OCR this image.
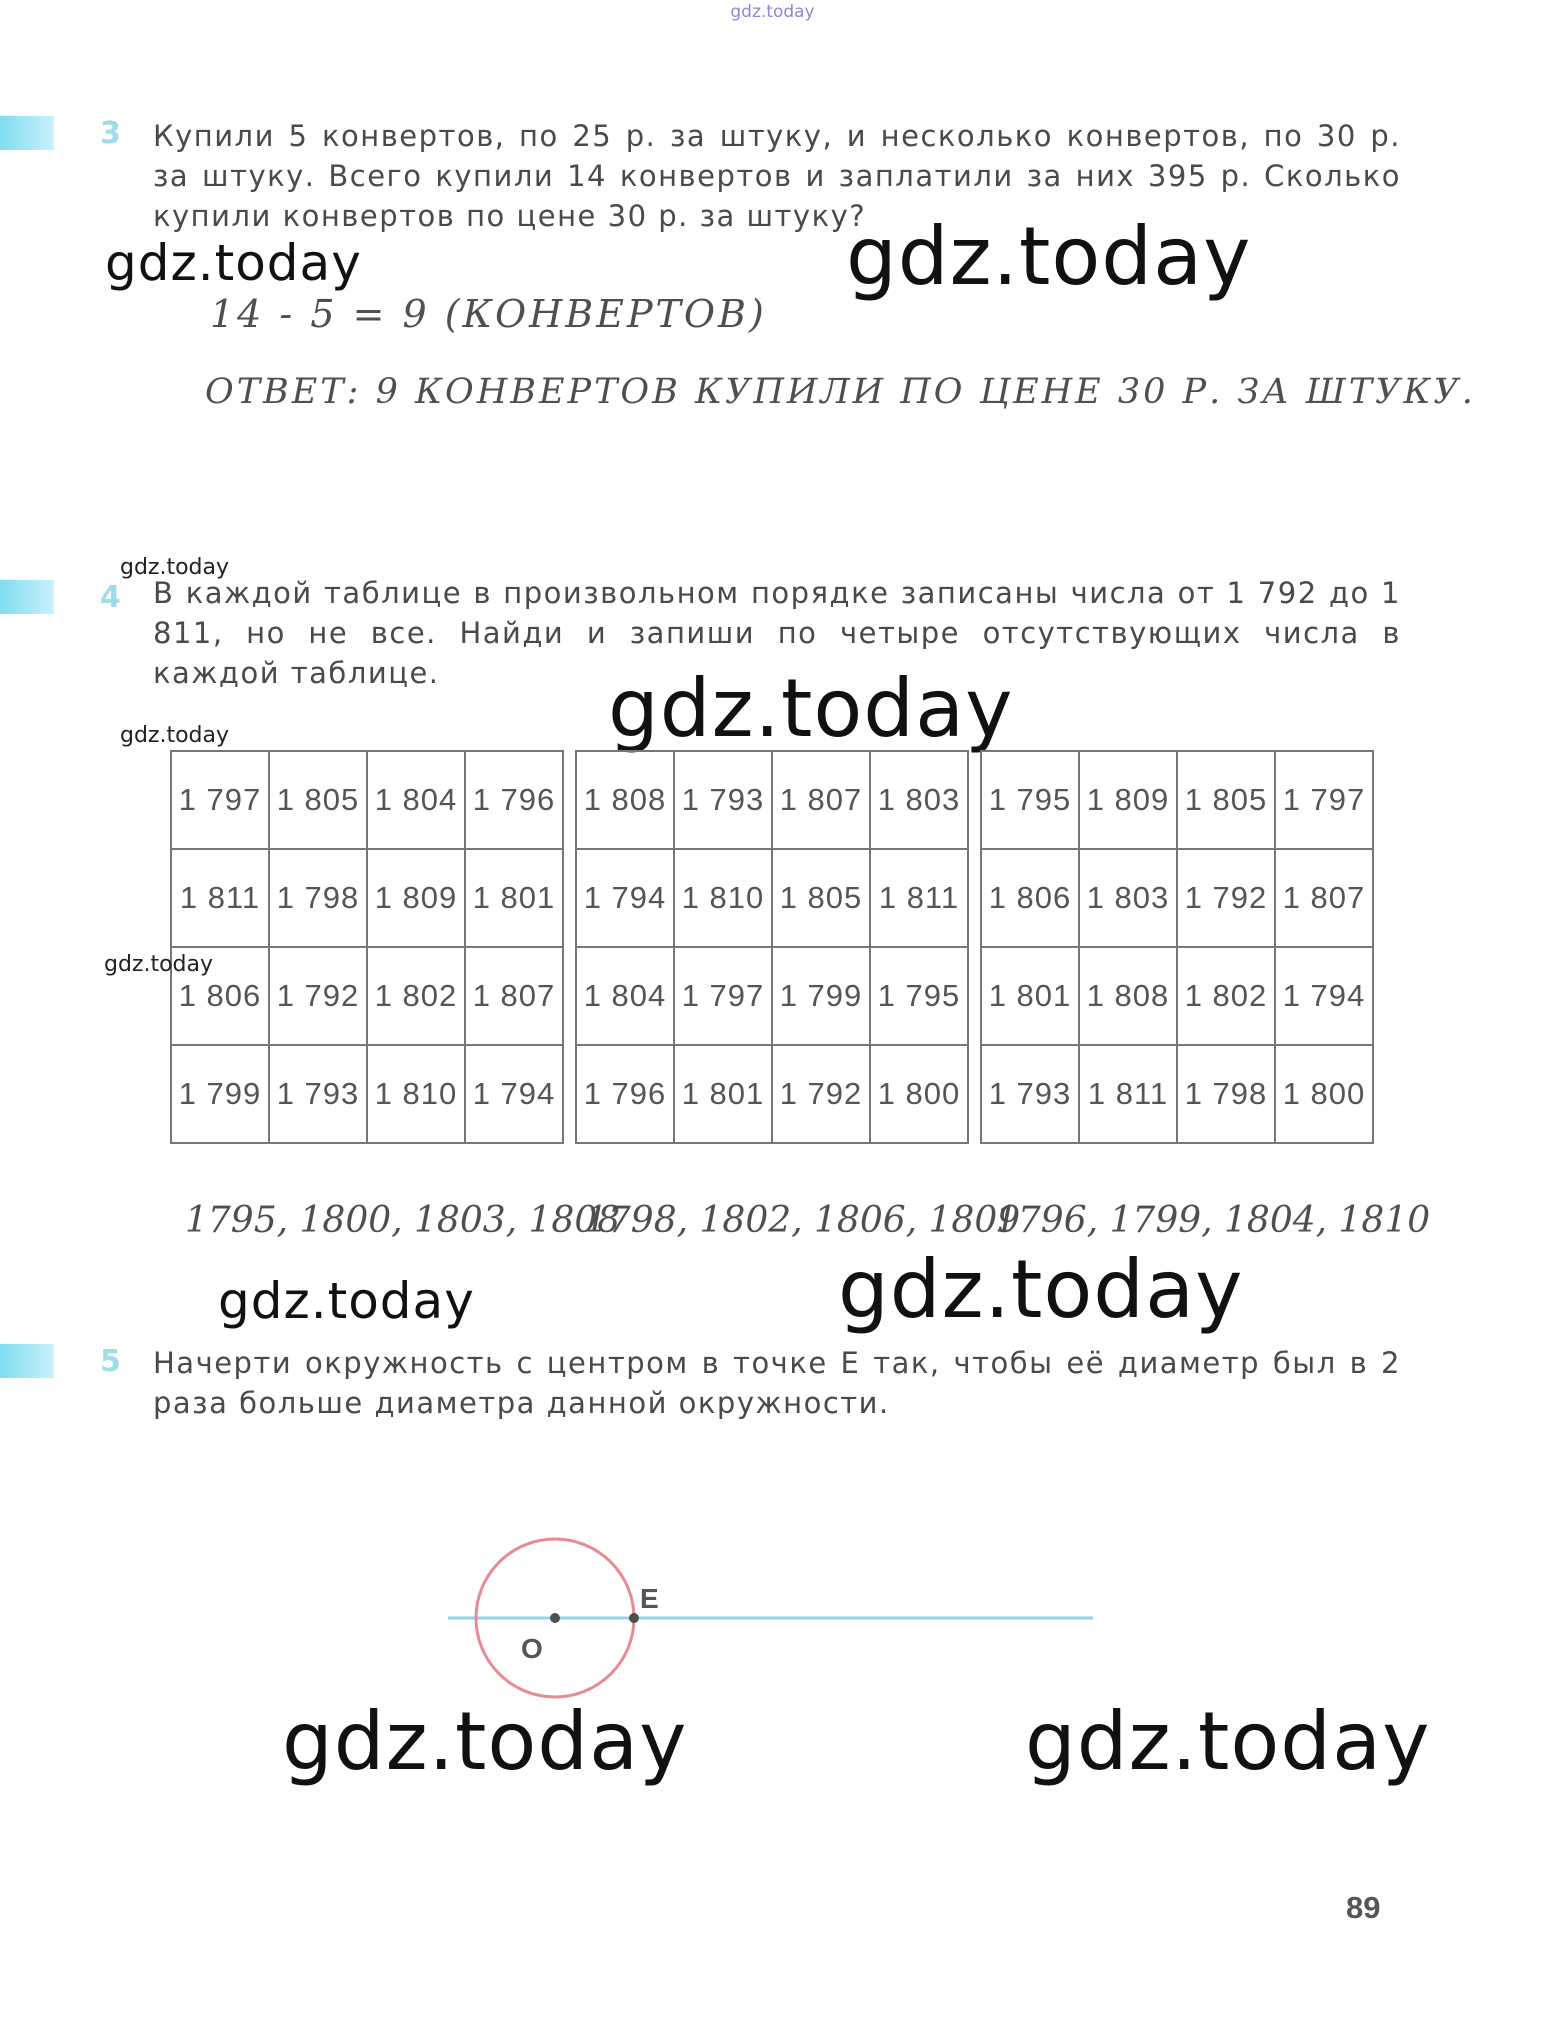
gdz.today
3 Купили 5 конвертов, по 25 р. за штуку, и несколько конвертов, по 30 р. за штуку. Всего купили 14 конвертов и заплатили за них 395 р. Сколько купили конвертов по цене 30 р. за штуку?
14 - 5 = 9 (КОНВЕРТОВ)
ОТВЕТ: 9 КОНВЕРТОВ КУПИЛИ ПО ЦЕНЕ 30 Р. ЗА ШТУКУ.
gdz.today	gdz.today
4 В каждой таблице в произвольном порядке записаны числа от 1 792 до 1 811, но не все. Найди и запиши по четыре отсутствующих числа в каждой таблице.
gdz.today
gdz.today
gdz.today
1 797	1 805	1 804	1 796
1 811	1 798	1 809	1 801
1 806	1 792	1 802	1 807
1 799	1 793	1 810	1 794
1 808	1 793	1 807	1 803
1 794	1 810	1 805	1 811
1 804	1 797	1 799	1 795
1 796	1 801	1 792	1 800
1 795	1 809	1 805	1 797
1 806	1 803	1 792	1 807
1 801	1 808	1 802	1 794
1 793	1 811	1 798	1 800
gdz.today
1795, 1800, 1803, 1808
1798, 1802, 1806, 1809
1796, 1799, 1804, 1810
gdz.today	gdz.today
5 Начерти окружность с центром в точке Е так, чтобы её диаметр был в 2 раза больше диаметра данной окружности.
O
E
gdz.today	gdz.today
89
